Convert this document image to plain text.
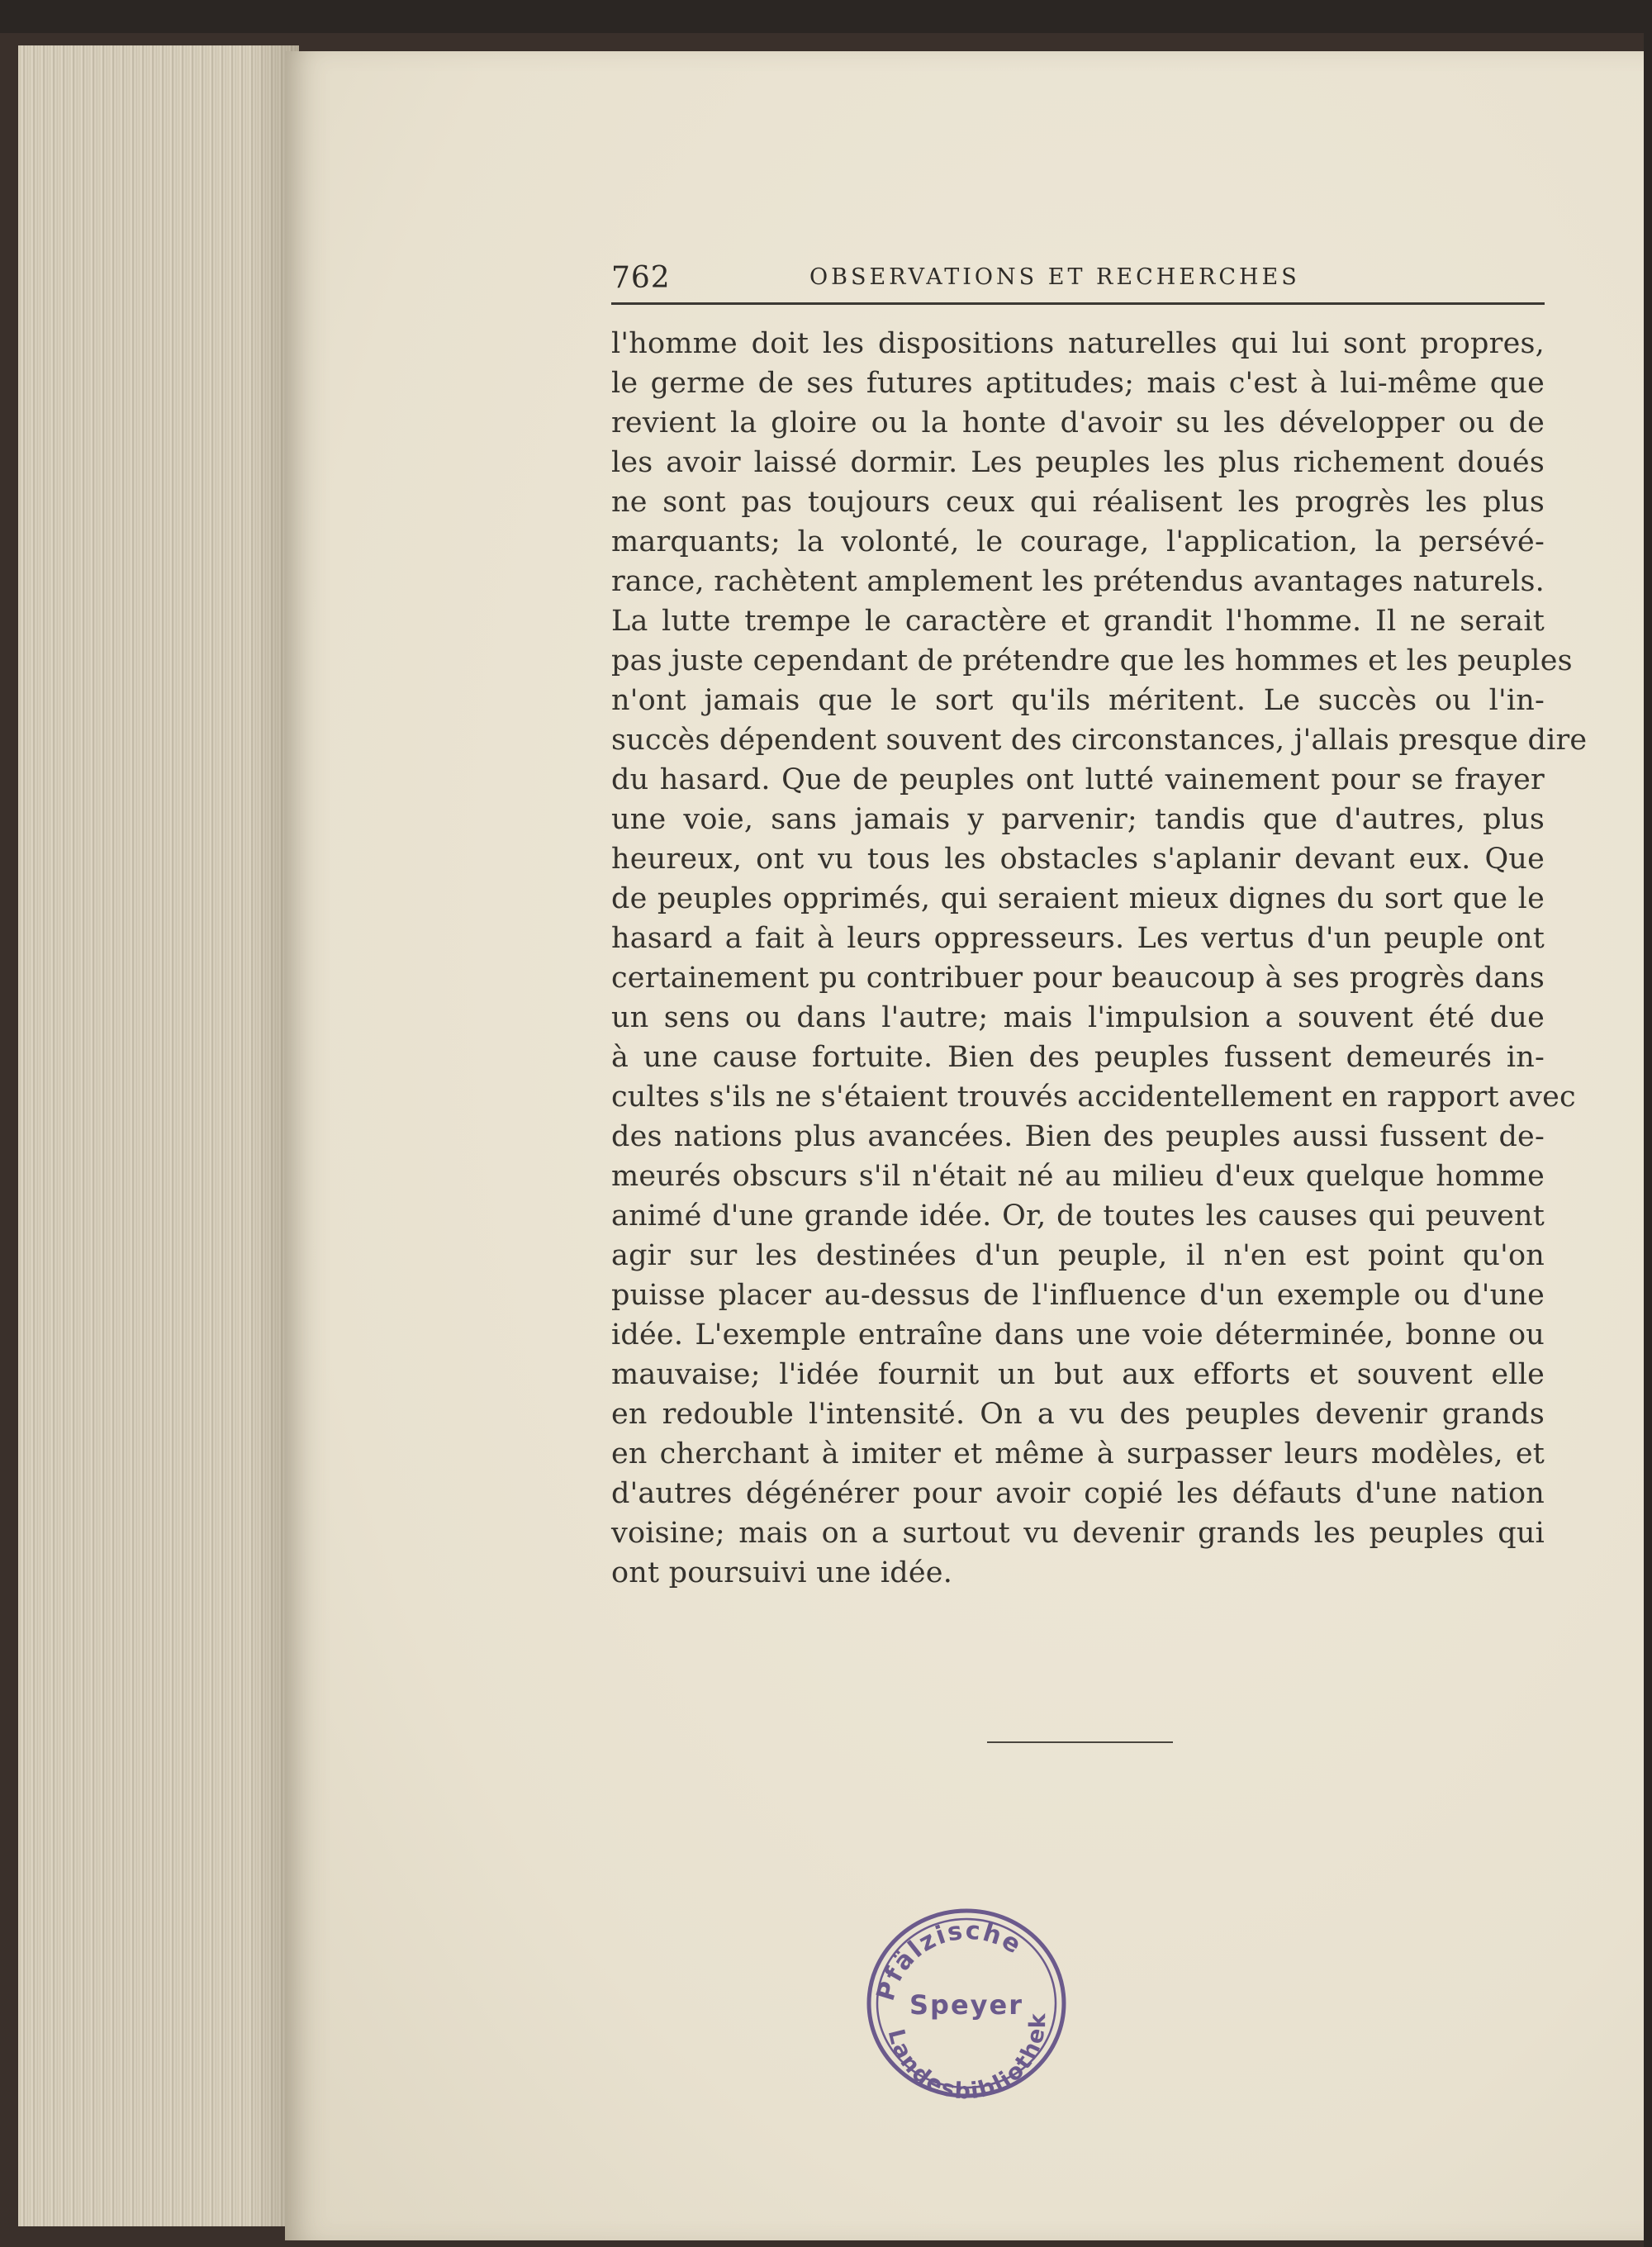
762	OBSERVATIONS ET RECHERCHES
l'homme doit les dispositions naturelles qui lui sont propres,
le germe de ses futures aptitudes; mais c'est à lui-même que
revient la gloire ou la honte d'avoir su les développer ou de
les avoir laissé dormir. Les peuples les plus richement doués
ne sont pas toujours ceux qui réalisent les progrès les plus
marquants; la volonté, le courage, l'application, la persévé-
rance, rachètent amplement les prétendus avantages naturels.
La lutte trempe le caractère et grandit l'homme. Il ne serait
pas juste cependant de prétendre que les hommes et les peuples
n'ont jamais que le sort qu'ils méritent. Le succès ou l'in-
succès dépendent souvent des circonstances, j'allais presque dire
du hasard. Que de peuples ont lutté vainement pour se frayer
une voie, sans jamais y parvenir; tandis que d'autres, plus
heureux, ont vu tous les obstacles s'aplanir devant eux. Que
de peuples opprimés, qui seraient mieux dignes du sort que le
hasard a fait à leurs oppresseurs. Les vertus d'un peuple ont
certainement pu contribuer pour beaucoup à ses progrès dans
un sens ou dans l'autre; mais l'impulsion a souvent été due
à une cause fortuite. Bien des peuples fussent demeurés in-
cultes s'ils ne s'étaient trouvés accidentellement en rapport avec
des nations plus avancées. Bien des peuples aussi fussent de-
meurés obscurs s'il n'était né au milieu d'eux quelque homme
animé d'une grande idée. Or, de toutes les causes qui peuvent
agir sur les destinées d'un peuple, il n'en est point qu'on
puisse placer au-dessus de l'influence d'un exemple ou d'une
idée. L'exemple entraîne dans une voie déterminée, bonne ou
mauvaise; l'idée fournit un but aux efforts et souvent elle
en redouble l'intensité. On a vu des peuples devenir grands
en cherchant à imiter et même à surpasser leurs modèles, et
d'autres dégénérer pour avoir copié les défauts d'une nation
voisine; mais on a surtout vu devenir grands les peuples qui
ont poursuivi une idée.
Pfälzische
Landesbibliothek
Speyer
